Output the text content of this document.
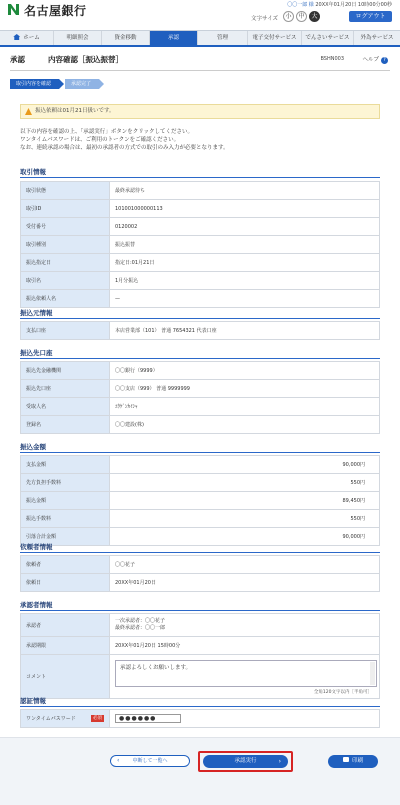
名古屋銀行	〇〇一郎 様 20XX年01月20日 10時00分00秒
文字サイズ	小	中	大	ログアウト
ホーム	明細照会	資金移動	承認	管理	電子交付サービス	でんさいサービス	外為サービス
承認	内容確認［振込振替］	BSHN003	ヘルプ ?
取引内容を確認	承認完了
振込依頼は01月21日扱いです。
以下の内容を確認の上、「承認実行」ボタンをクリックしてください。
ワンタイムパスワードは、ご利用のトークンをご確認ください。
なお、連続承認の場合は、最初の承認者の方式での取引のみ入力が必要となります。
取引情報
取引状態	最終承認待ち
取引ID	101001000000113
受付番号	0120002
取引種別	振込振替
振込指定日	指定日:01月21日
取引名	1月分振込
振込依頼人名	—
振込元情報
支払口座	本店営業部（101） 普通 7654321 代表口座
振込先口座
振込先金融機関	〇〇銀行（9999）
振込先口座	〇〇支店（999） 普通 9999999
受取人名	ﾕｳｹﾞﾝｶｲｼｬ
登録名	〇〇建設(株)
振込金額
支払金額	90,000円
先方負担手数料	550円
振込金額	89,450円
振込手数料	550円
引落合計金額	90,000円
依頼者情報
依頼者	〇〇花子
依頼日	20XX年01月20日
承認者情報
承認者	一次承認者：〇〇花子
最終承認者：〇〇一郎

承認期限	20XX年01月20日 15時00分
コメント	承認よろしくお願いします。
全角120文字以内［半角可］
認証情報
ワンタイムパスワード	必須	●●●●●●
‹	中断して一覧へ	承認実行	›	印刷
